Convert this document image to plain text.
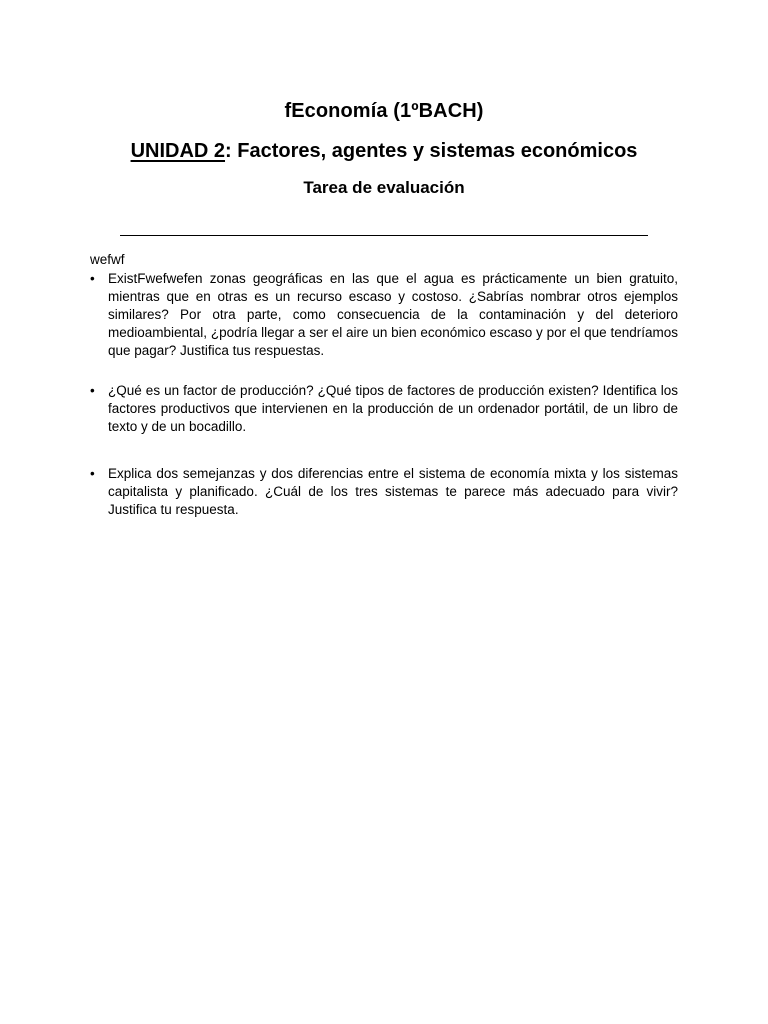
fEconomía (1ºBACH)
UNIDAD 2: Factores, agentes y sistemas económicos
Tarea de evaluación

wefwf

• ExistFwefwefen zonas geográficas en las que el agua es prácticamente un bien gratuito, mientras que en otras es un recurso escaso y costoso. ¿Sabrías nombrar otros ejemplos similares? Por otra parte, como consecuencia de la contaminación y del deterioro medioambiental, ¿podría llegar a ser el aire un bien económico escaso y por el que tendríamos que pagar? Justifica tus respuestas.
• ¿Qué es un factor de producción? ¿Qué tipos de factores de producción existen? Identifica los factores productivos que intervienen en la producción de un ordenador portátil, de un libro de texto y de un bocadillo.
• Explica dos semejanzas y dos diferencias entre el sistema de economía mixta y los sistemas capitalista y planificado. ¿Cuál de los tres sistemas te parece más adecuado para vivir? Justifica tu respuesta.
